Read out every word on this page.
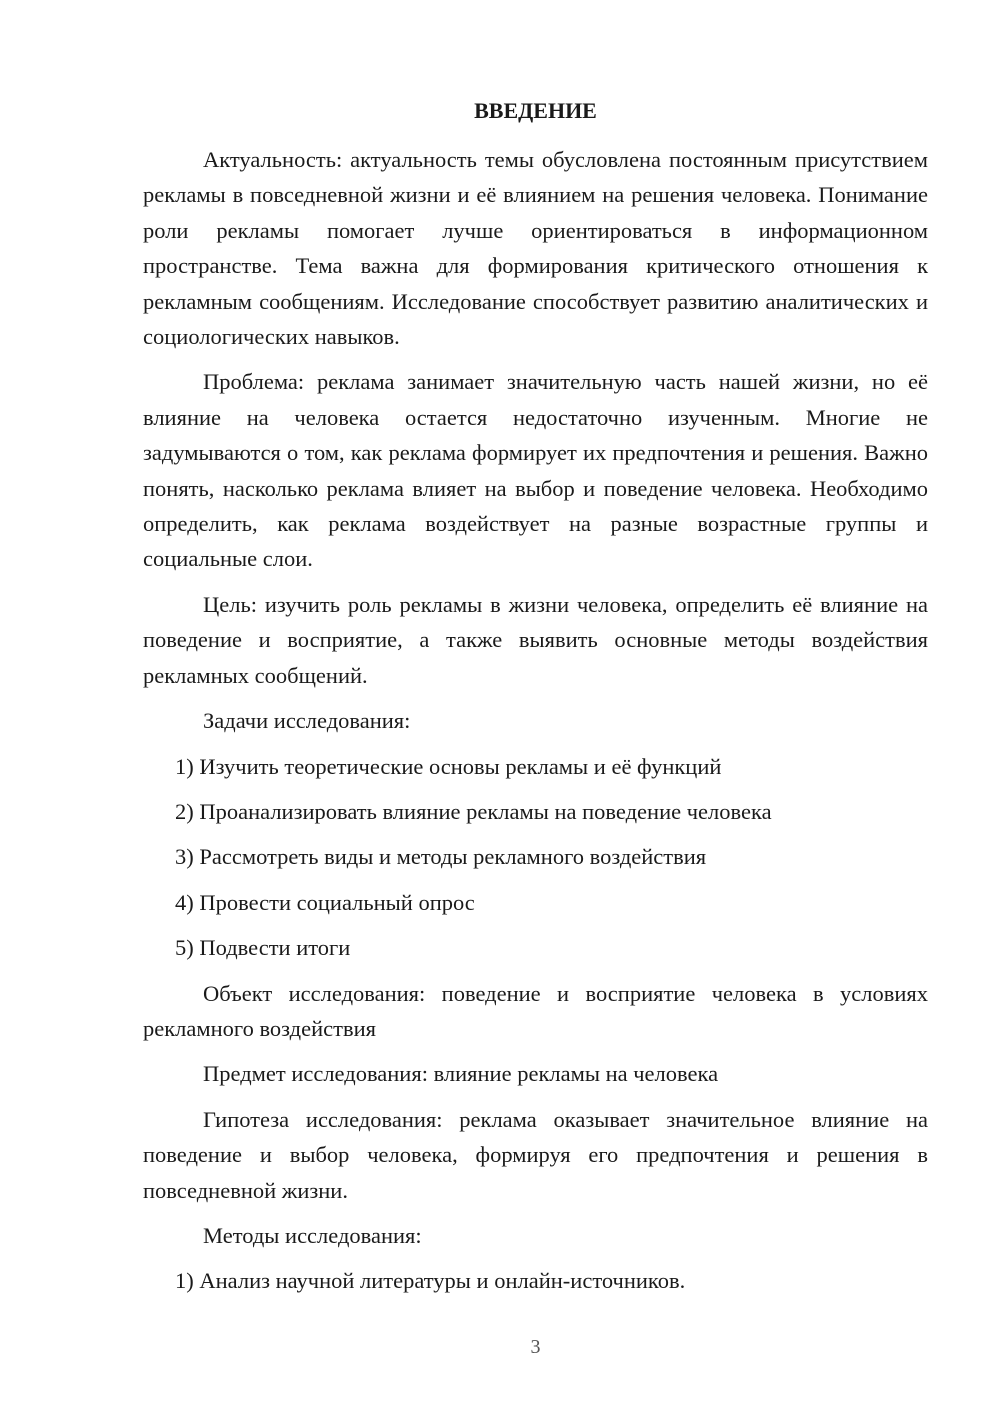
ВВЕДЕНИЕ

Актуальность: актуальность темы обусловлена постоянным присутствием рекламы в повседневной жизни и её влиянием на решения человека. Понимание роли рекламы помогает лучше ориентироваться в информационном пространстве. Тема важна для формирования критического отношения к рекламным сообщениям. Исследование способствует развитию аналитических и социологических навыков.

Проблема: реклама занимает значительную часть нашей жизни, но её влияние на человека остается недостаточно изученным. Многие не задумываются о том, как реклама формирует их предпочтения и решения. Важно понять, насколько реклама влияет на выбор и поведение человека. Необходимо определить, как реклама воздействует на разные возрастные группы и социальные слои.

Цель: изучить роль рекламы в жизни человека, определить её влияние на поведение и восприятие, а также выявить основные методы воздействия рекламных сообщений.

Задачи исследования:

1) Изучить теоретические основы рекламы и её функций

2) Проанализировать влияние рекламы на поведение человека

3) Рассмотреть виды и методы рекламного воздействия

4) Провести социальный опрос

5) Подвести итоги

Объект исследования: поведение и восприятие человека в условиях рекламного воздействия

Предмет исследования: влияние рекламы на человека

Гипотеза исследования: реклама оказывает значительное влияние на поведение и выбор человека, формируя его предпочтения и решения в повседневной жизни.

Методы исследования:

1) Анализ научной литературы и онлайн-источников.

3
